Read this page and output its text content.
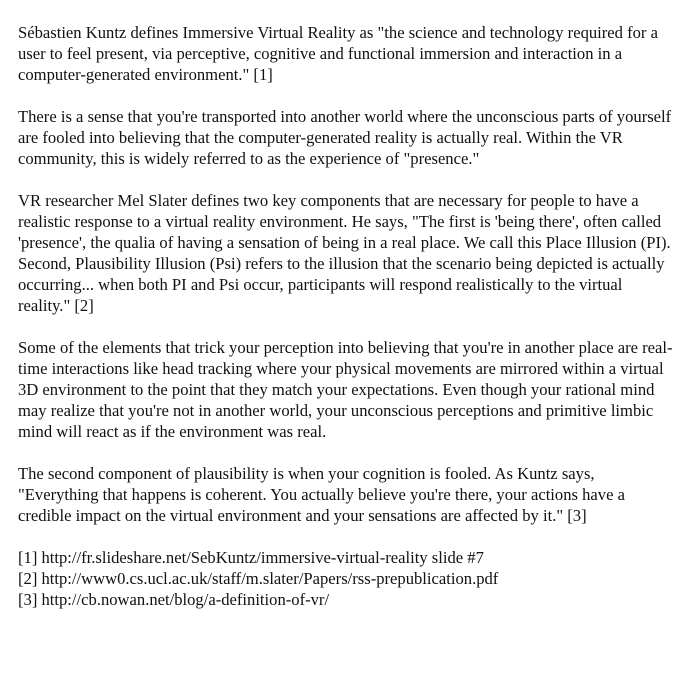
Sébastien Kuntz defines Immersive Virtual Reality as "the science and technology required for a user to feel present, via perceptive, cognitive and functional immersion and interaction in a computer-generated environment." [1]

There is a sense that you're transported into another world where the unconscious parts of yourself are fooled into believing that the computer-generated reality is actually real. Within the VR community, this is widely referred to as the experience of "presence."

VR researcher Mel Slater defines two key components that are necessary for people to have a realistic response to a virtual reality environment. He says, "The first is 'being there', often called 'presence', the qualia of having a sensation of being in a real place. We call this Place Illusion (PI). Second, Plausibility Illusion (Psi) refers to the illusion that the scenario being depicted is actually occurring... when both PI and Psi occur, participants will respond realistically to the virtual reality." [2]

Some of the elements that trick your perception into believing that you're in another place are real-time interactions like head tracking where your physical movements are mirrored within a virtual 3D environment to the point that they match your expectations. Even though your rational mind may realize that you're not in another world, your unconscious perceptions and primitive limbic mind will react as if the environment was real.

The second component of plausibility is when your cognition is fooled. As Kuntz says, "Everything that happens is coherent. You actually believe you're there, your actions have a credible impact on the virtual environment and your sensations are affected by it." [3]

[1] http://fr.slideshare.net/SebKuntz/immersive-virtual-reality slide #7
[2] http://www0.cs.ucl.ac.uk/staff/m.slater/Papers/rss-prepublication.pdf
[3] http://cb.nowan.net/blog/a-definition-of-vr/
